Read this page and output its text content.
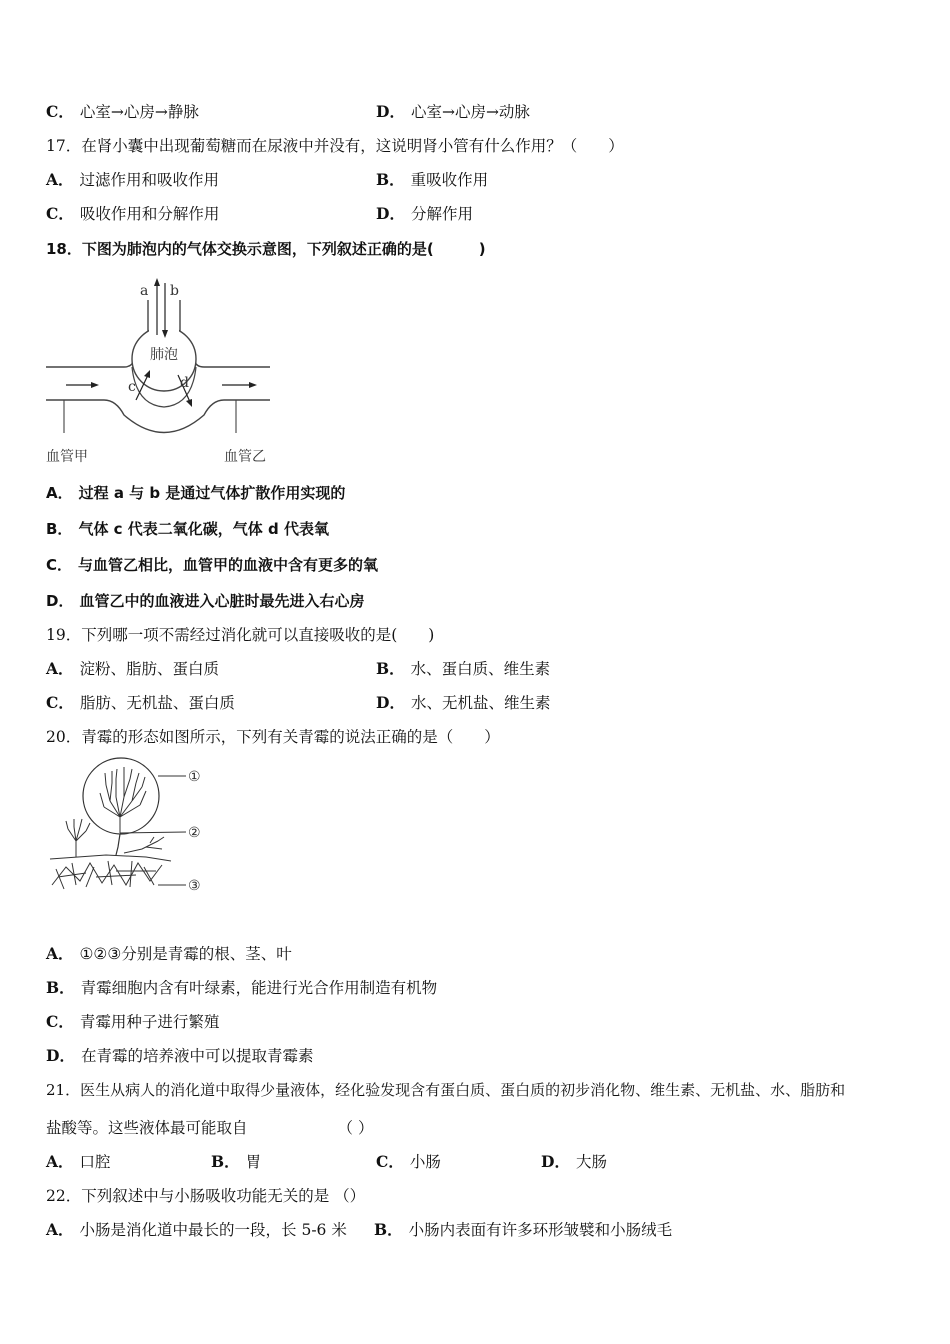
C． 心室→心房→静脉	D． 心室→心房→动脉
17．在肾小囊中出现葡萄糖而在尿液中并没有，这说明肾小管有什么作用？（　　）
A． 过滤作用和吸收作用	B． 重吸收作用
C． 吸收作用和分解作用	D． 分解作用
18．下图为肺泡内的气体交换示意图，下列叙述正确的是(　　　)
a b
肺泡
c	d
血管甲	血管乙
A． 过程 a 与 b 是通过气体扩散作用实现的
B． 气体 c 代表二氧化碳，气体 d 代表氧
C． 与血管乙相比，血管甲的血液中含有更多的氧
D． 血管乙中的血液进入心脏时最先进入右心房
19．下列哪一项不需经过消化就可以直接吸收的是(　　)
A． 淀粉、脂肪、蛋白质	B． 水、蛋白质、维生素
C． 脂肪、无机盐、蛋白质	D． 水、无机盐、维生素
20．青霉的形态如图所示，下列有关青霉的说法正确的是（　　）
①
②
③
A． ①②③分别是青霉的根、茎、叶
B． 青霉细胞内含有叶绿素，能进行光合作用制造有机物
C． 青霉用种子进行繁殖
D． 在青霉的培养液中可以提取青霉素
21．医生从病人的消化道中取得少量液体，经化验发现含有蛋白质、蛋白质的初步消化物、维生素、无机盐、水、脂肪和
盐酸等。这些液体最可能取自	（ ）
A． 口腔	B． 胃	C． 小肠	D． 大肠
22．下列叙述中与小肠吸收功能无关的是 （）
A． 小肠是消化道中最长的一段，长 5-6 米 B． 小肠内表面有许多环形皱襞和小肠绒毛
